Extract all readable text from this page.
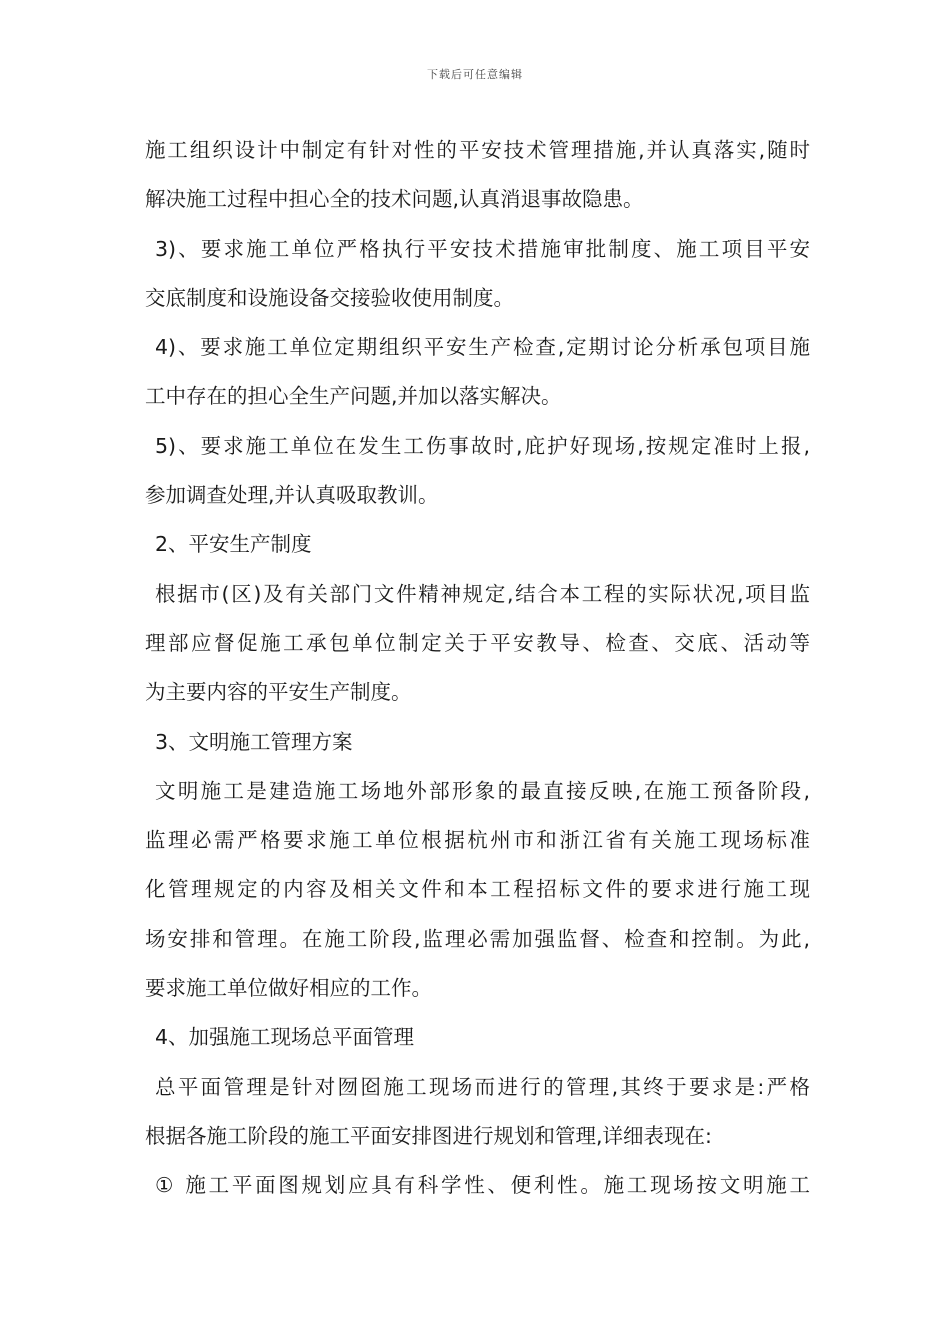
下载后可任意编辑
施工组织设计中制定有针对性的平安技术管理措施,并认真落实,随时
解决施工过程中担心全的技术问题,认真消退事故隐患。
3)、要求施工单位严格执行平安技术措施审批制度、施工项目平安
交底制度和设施设备交接验收使用制度。
4)、要求施工单位定期组织平安生产检查,定期讨论分析承包项目施
工中存在的担心全生产问题,并加以落实解决。
5)、要求施工单位在发生工伤事故时,庇护好现场,按规定准时上报,
参加调查处理,并认真吸取教训。
2、平安生产制度
根据市(区)及有关部门文件精神规定,结合本工程的实际状况,项目监
理部应督促施工承包单位制定关于平安教导、检查、交底、活动等
为主要内容的平安生产制度。
3、文明施工管理方案
文明施工是建造施工场地外部形象的最直接反映,在施工预备阶段,
监理必需严格要求施工单位根据杭州市和浙江省有关施工现场标准
化管理规定的内容及相关文件和本工程招标文件的要求进行施工现
场安排和管理。在施工阶段,监理必需加强监督、检查和控制。为此,
要求施工单位做好相应的工作。
4、加强施工现场总平面管理
总平面管理是针对囫囵施工现场而进行的管理,其终于要求是:严格
根据各施工阶段的施工平面安排图进行规划和管理,详细表现在:
① 施工平面图规划应具有科学性、便利性。施工现场按文明施工
